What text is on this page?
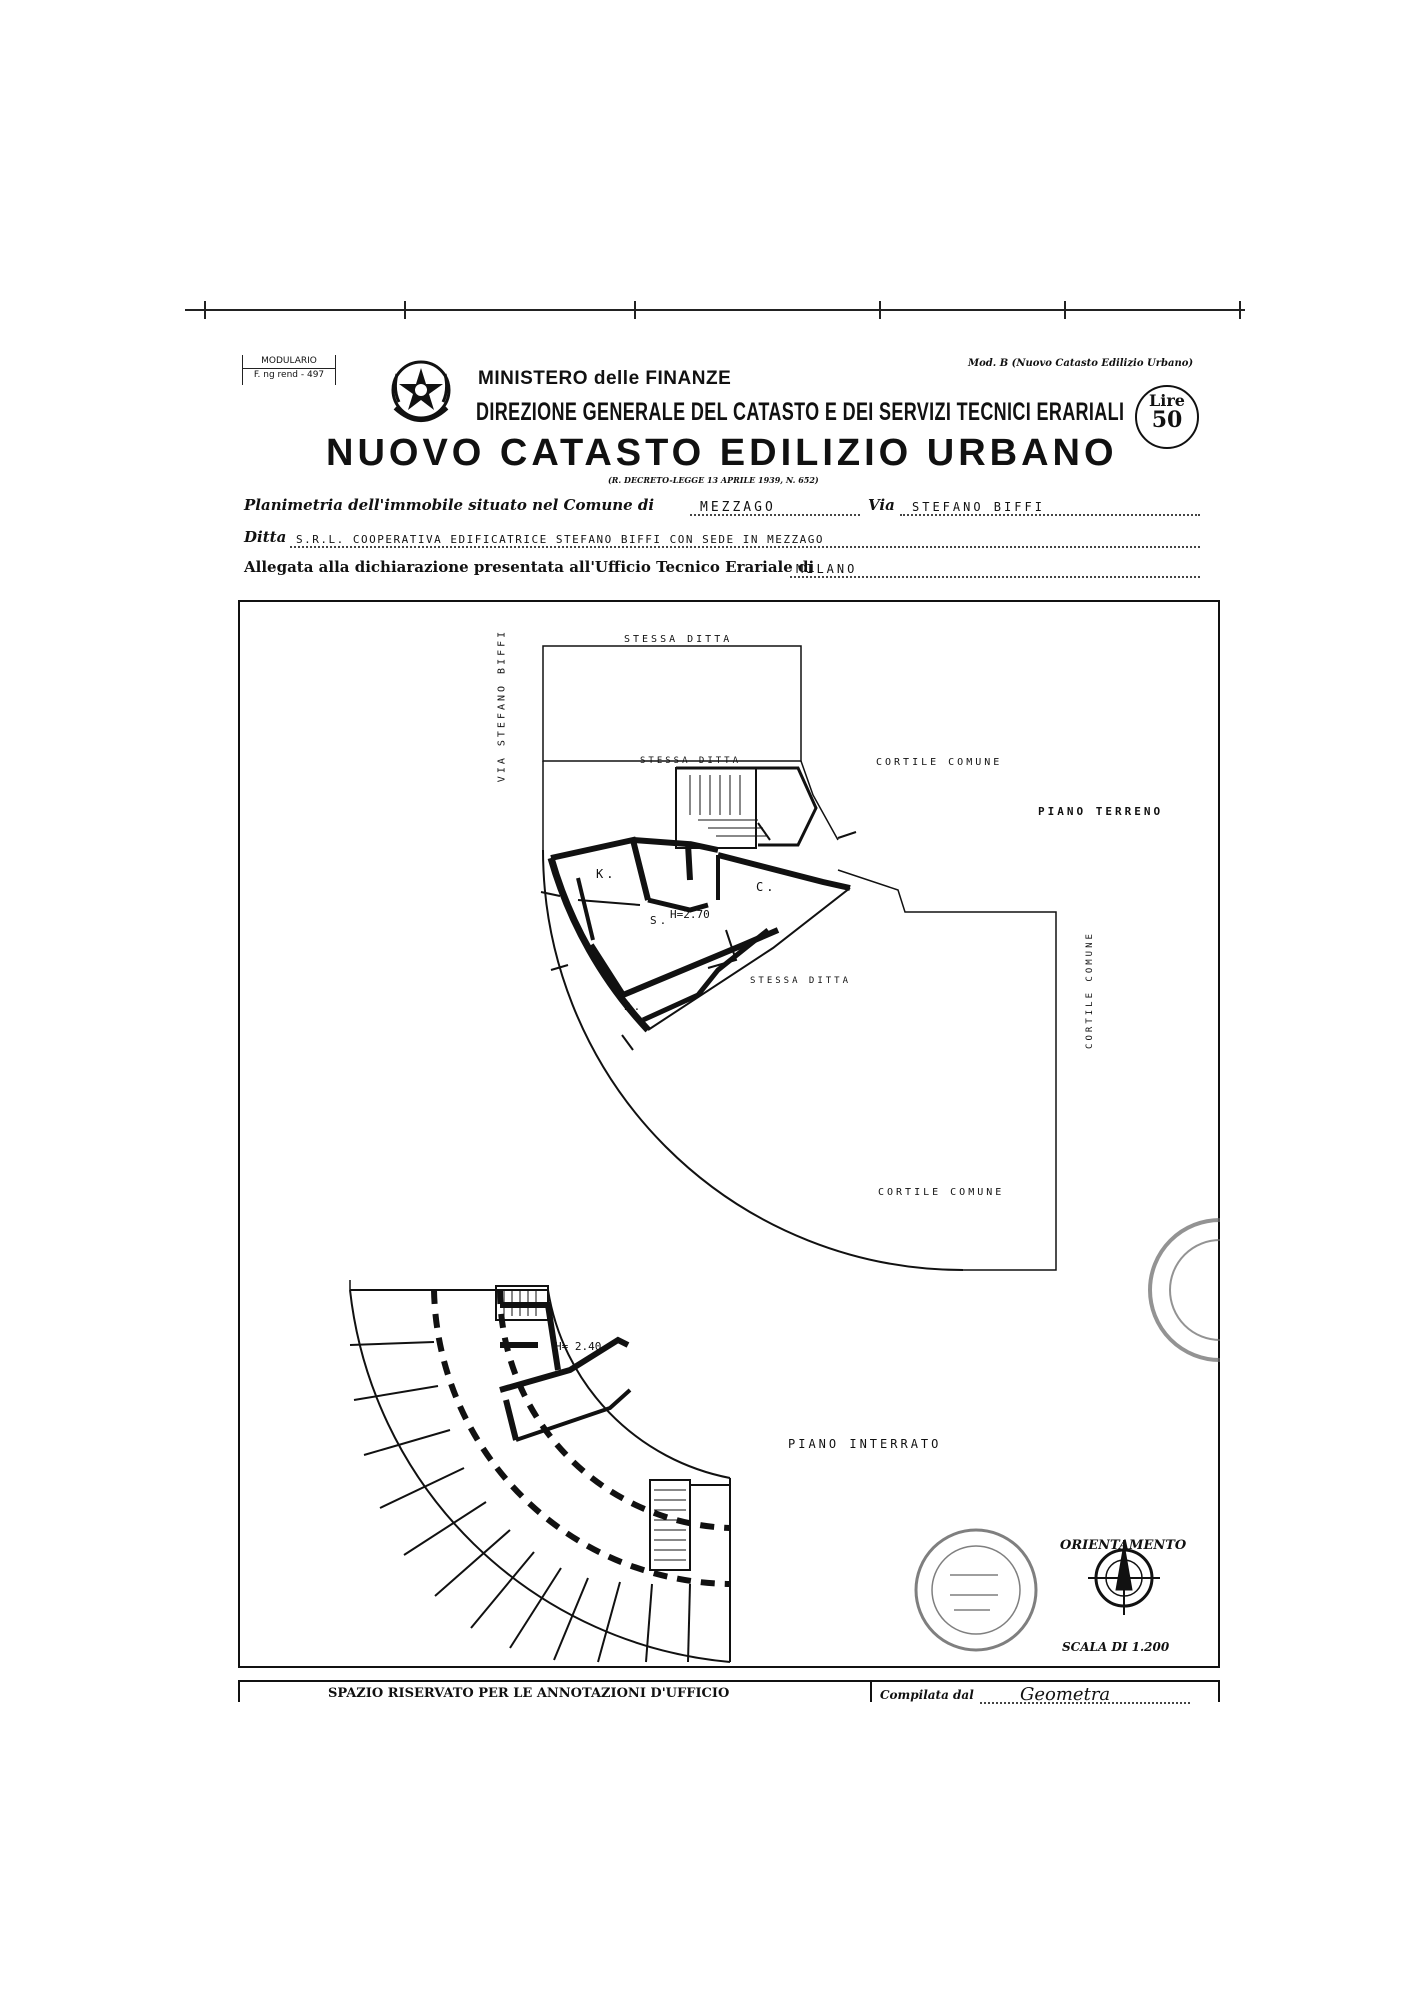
MODULARIO
F. ng rend - 497	MINISTERO delle FINANZE
Mod. B (Nuovo Catasto Edilizio Urbano)
DIREZIONE GENERALE DEL CATASTO E DEI SERVIZI TECNICI ERARIALI	Lire
50
NUOVO CATASTO EDILIZIO URBANO
(R. DECRETO-LEGGE 13 APRILE 1939, N. 652)
Planimetria dell'immobile situato nel Comune di	MEZZAGO	Via	STEFANO BIFFI
Ditta S.R.L. COOPERATIVA EDIFICATRICE STEFANO BIFFI CON SEDE IN MEZZAGO
Allegata alla dichiarazione presentata all'Ufficio Tecnico Erariale di
MILANO
VIA STEFANO BIFFI	STESSA DITTA
STESSA DITTA	CORTILE COMUNE
PIANO TERRENO
K.
C.
S. H=2.70
B.
STESSA DITTA	CORTILE COMUNE
CORTILE COMUNE
H= 2.40
PIANO INTERRATO
ORIENTAMENTO
SCALA DI 1.200
SPAZIO RISERVATO PER LE ANNOTAZIONI D'UFFICIO	Compilata dal	Geometra
